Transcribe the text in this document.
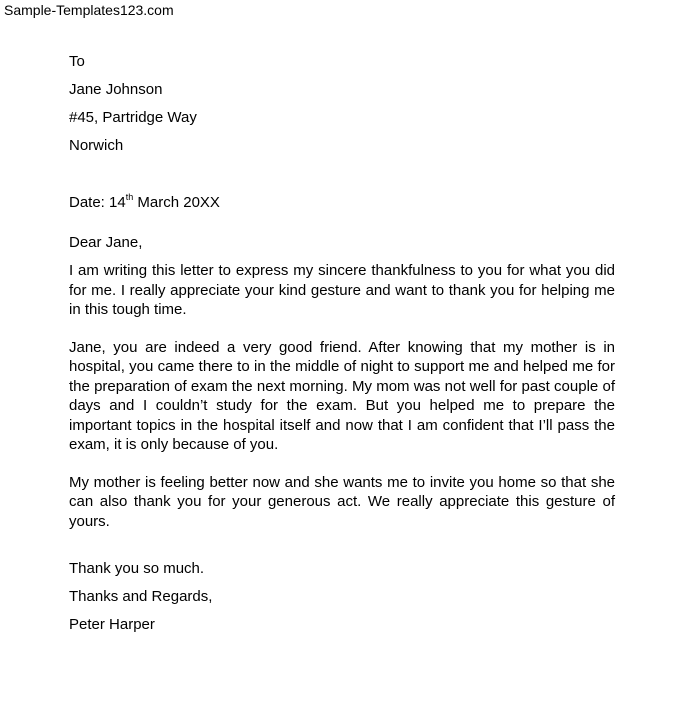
Sample-Templates123.com
To
Jane Johnson
#45, Partridge Way
Norwich
Date: 14th March 20XX
Dear Jane,

I am writing this letter to express my sincere thankfulness to you for what you did for me. I really appreciate your kind gesture and want to thank you for helping me in this tough time.

Jane, you are indeed a very good friend. After knowing that my mother is in hospital, you came there to in the middle of night to support me and helped me for the preparation of exam the next morning. My mom was not well for past couple of days and I couldn’t study for the exam. But you helped me to prepare the important topics in the hospital itself and now that I am confident that I’ll pass the exam, it is only because of you.

My mother is feeling better now and she wants me to invite you home so that she can also thank you for your generous act. We really appreciate this gesture of yours.

Thank you so much.
Thanks and Regards,
Peter Harper
